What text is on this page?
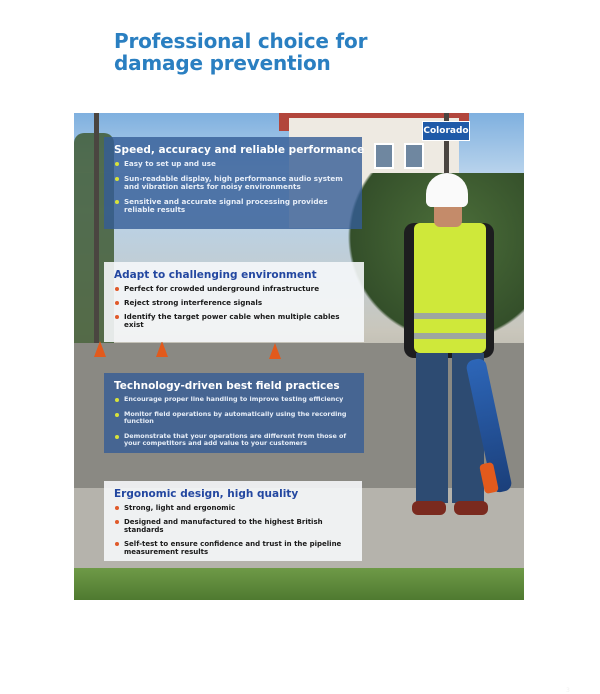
Professional choice for
damage prevention
Colorado
3
Speed, accuracy and reliable performance
Easy to set up and use
Sun-readable display, high performance audio system and vibration alerts for noisy environments
Sensitive and accurate signal processing provides reliable results
Adapt to challenging environment
Perfect for crowded underground infrastructure
Reject strong interference signals
Identify the target power cable when multiple cables exist
Technology-driven best field practices
Encourage proper line handling to improve testing efficiency
Monitor field operations by automatically using the recording function
Demonstrate that your operations are different from those of your competitors and add value to your customers
Ergonomic design, high quality
Strong, light and ergonomic
Designed and manufactured to the highest British standards
Self-test to ensure confidence and trust in the pipeline measurement results
